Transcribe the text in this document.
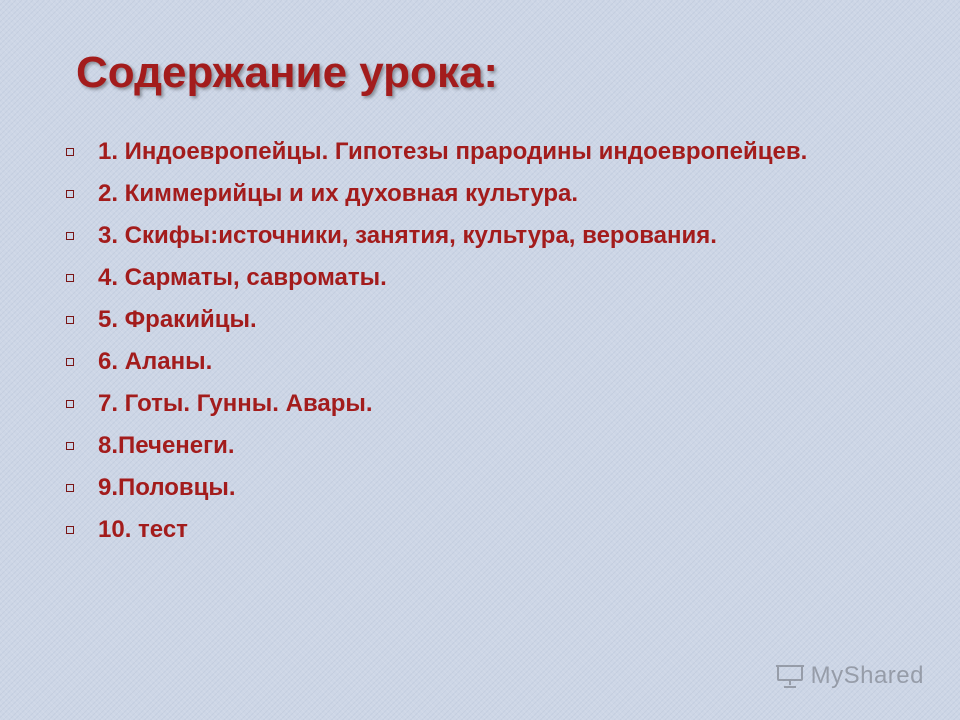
Содержание урока:
1. Индоевропейцы. Гипотезы прародины индоевропейцев.
2. Киммерийцы и их духовная культура.
3. Скифы:источники, занятия, культура, верования.
4. Сарматы, савроматы.
5. Фракийцы.
6. Аланы.
7. Готы. Гунны. Авары.
8.Печенеги.
9.Половцы.
10. тест
MyShared
